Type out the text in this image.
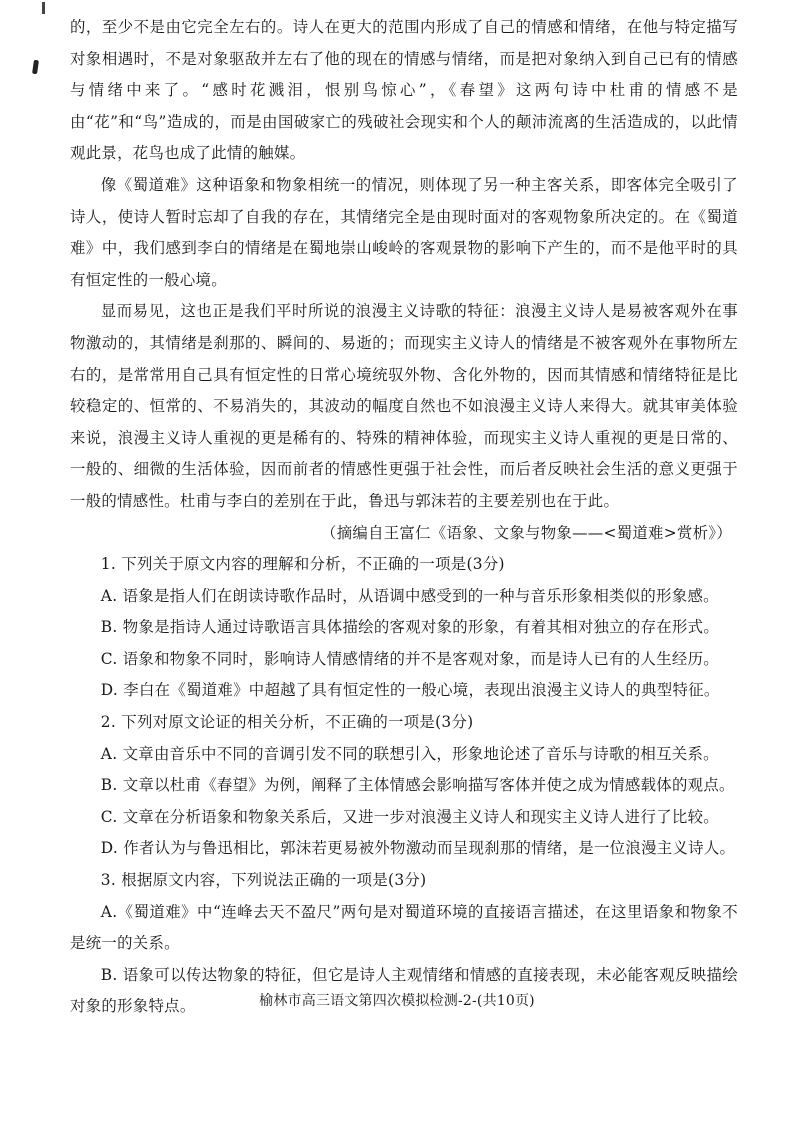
的，至少不是由它完全左右的。诗人在更大的范围内形成了自己的情感和情绪，在他与特定描写对象相遇时，不是对象驱敌并左右了他的现在的情感与情绪，而是把对象纳入到自己已有的情感与情绪中来了。“感时花溅泪，恨别鸟惊心”，《春望》这两句诗中杜甫的情感不是由“花”和“鸟”造成的，而是由国破家亡的残破社会现实和个人的颠沛流离的生活造成的，以此情观此景，花鸟也成了此情的触媒。

像《蜀道难》这种语象和物象相统一的情况，则体现了另一种主客关系，即客体完全吸引了诗人，使诗人暂时忘却了自我的存在，其情绪完全是由现时面对的客观物象所决定的。在《蜀道难》中，我们感到李白的情绪是在蜀地崇山峻岭的客观景物的影响下产生的，而不是他平时的具有恒定性的一般心境。

显而易见，这也正是我们平时所说的浪漫主义诗歌的特征：浪漫主义诗人是易被客观外在事物激动的，其情绪是刹那的、瞬间的、易逝的；而现实主义诗人的情绪是不被客观外在事物所左右的，是常常用自己具有恒定性的日常心境统驭外物、含化外物的，因而其情感和情绪特征是比较稳定的、恒常的、不易消失的，其波动的幅度自然也不如浪漫主义诗人来得大。就其审美体验来说，浪漫主义诗人重视的更是稀有的、特殊的精神体验，而现实主义诗人重视的更是日常的、一般的、细微的生活体验，因而前者的情感性更强于社会性，而后者反映社会生活的意义更强于一般的情感性。杜甫与李白的差别在于此，鲁迅与郭沫若的主要差别也在于此。

（摘编自王富仁《语象、文象与物象——<蜀道难>赏析》）

1. 下列关于原文内容的理解和分析，不正确的一项是(3分)

A. 语象是指人们在朗读诗歌作品时，从语调中感受到的一种与音乐形象相类似的形象感。

B. 物象是指诗人通过诗歌语言具体描绘的客观对象的形象，有着其相对独立的存在形式。

C. 语象和物象不同时，影响诗人情感情绪的并不是客观对象，而是诗人已有的人生经历。

D. 李白在《蜀道难》中超越了具有恒定性的一般心境，表现出浪漫主义诗人的典型特征。

2. 下列对原文论证的相关分析，不正确的一项是(3分)

A. 文章由音乐中不同的音调引发不同的联想引入，形象地论述了音乐与诗歌的相互关系。

B. 文章以杜甫《春望》为例，阐释了主体情感会影响描写客体并使之成为情感载体的观点。

C. 文章在分析语象和物象关系后，又进一步对浪漫主义诗人和现实主义诗人进行了比较。

D. 作者认为与鲁迅相比，郭沫若更易被外物激动而呈现刹那的情绪，是一位浪漫主义诗人。

3. 根据原文内容，下列说法正确的一项是(3分)

A.《蜀道难》中“连峰去天不盈尺”两句是对蜀道环境的直接语言描述，在这里语象和物象不是统一的关系。

B. 语象可以传达物象的特征，但它是诗人主观情绪和情感的直接表现，未必能客观反映描绘对象的形象特点。	榆林市高三语文第四次模拟检测-2-(共10页)
